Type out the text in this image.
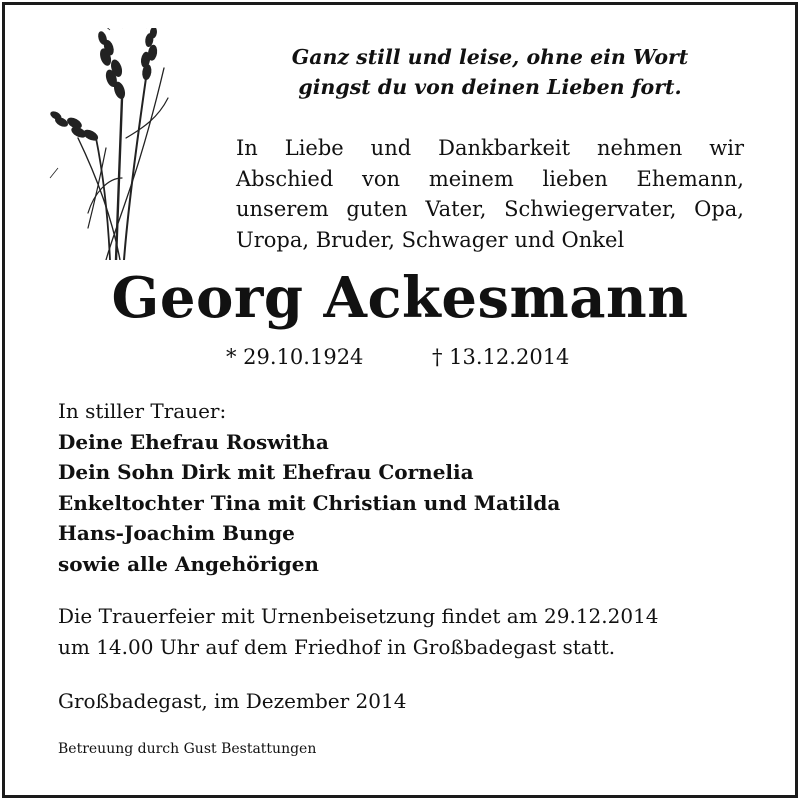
Ganz still und leise, ohne ein Wort
gingst du von deinen Lieben fort.
In Liebe und Dankbarkeit nehmen wir
Abschied von meinem lieben Ehemann,
unserem guten Vater, Schwiegervater, Opa,
Uropa, Bruder, Schwager und Onkel
Georg Ackesmann
* 29.10.1924	† 13.12.2014
In stiller Trauer:
Deine Ehefrau Roswitha
Dein Sohn Dirk mit Ehefrau Cornelia
Enkeltochter Tina mit Christian und Matilda
Hans-Joachim Bunge
sowie alle Angehörigen
Die Trauerfeier mit Urnenbeisetzung findet am 29.12.2014
um 14.00 Uhr auf dem Friedhof in Großbadegast statt.
Großbadegast, im Dezember 2014
Betreuung durch Gust Bestattungen
